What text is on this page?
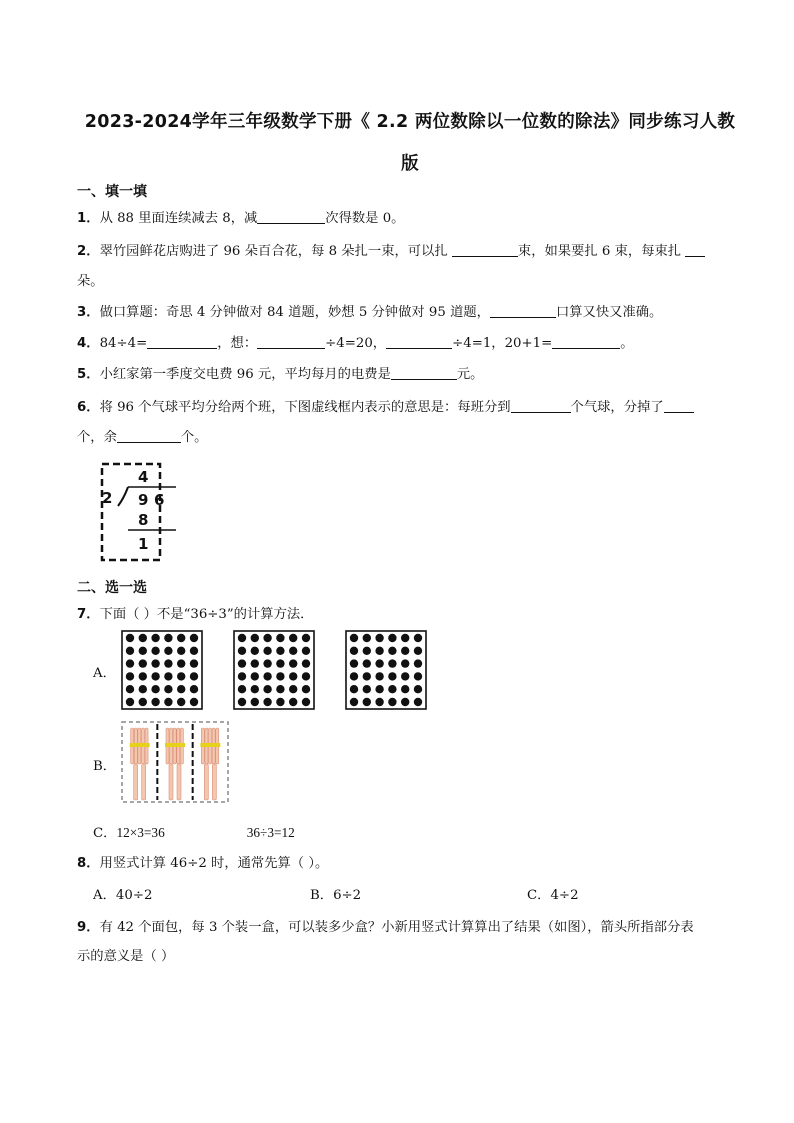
2023-2024学年三年级数学下册《 2.2 两位数除以一位数的除法》同步练习人教
版
一、填一填
1．从 88 里面连续减去 8，减	次得数是 0。
2．翠竹园鲜花店购进了 96 朵百合花，每 8 朵扎一束，可以扎	束，如果要扎 6 束，每束扎
朵。
3．做口算题：奇思 4 分钟做对 84 道题，妙想 5 分钟做对 95 道题，	口算又快又准确。
4．84÷4=	，想：	÷4=20，	÷4=1，20+1=	。
5．小红家第一季度交电费 96 元，平均每月的电费是	元。
6．将 96 个气球平均分给两个班，下图虚线框内表示的意思是：每班分到	个气球，分掉了
个，余	个。
4
2 9 6
8
1
二、选一选
7．下面（ ）不是“36÷3”的计算方法．
A．
B．
C．12×3=36	36÷3=12
8．用竖式计算 46÷2 时，通常先算（ ）。
A．40÷2	B．6÷2	C．4÷2
9．有 42 个面包，每 3 个装一盒，可以装多少盒？小新用竖式计算算出了结果（如图），箭头所指部分表
示的意义是（ ）
